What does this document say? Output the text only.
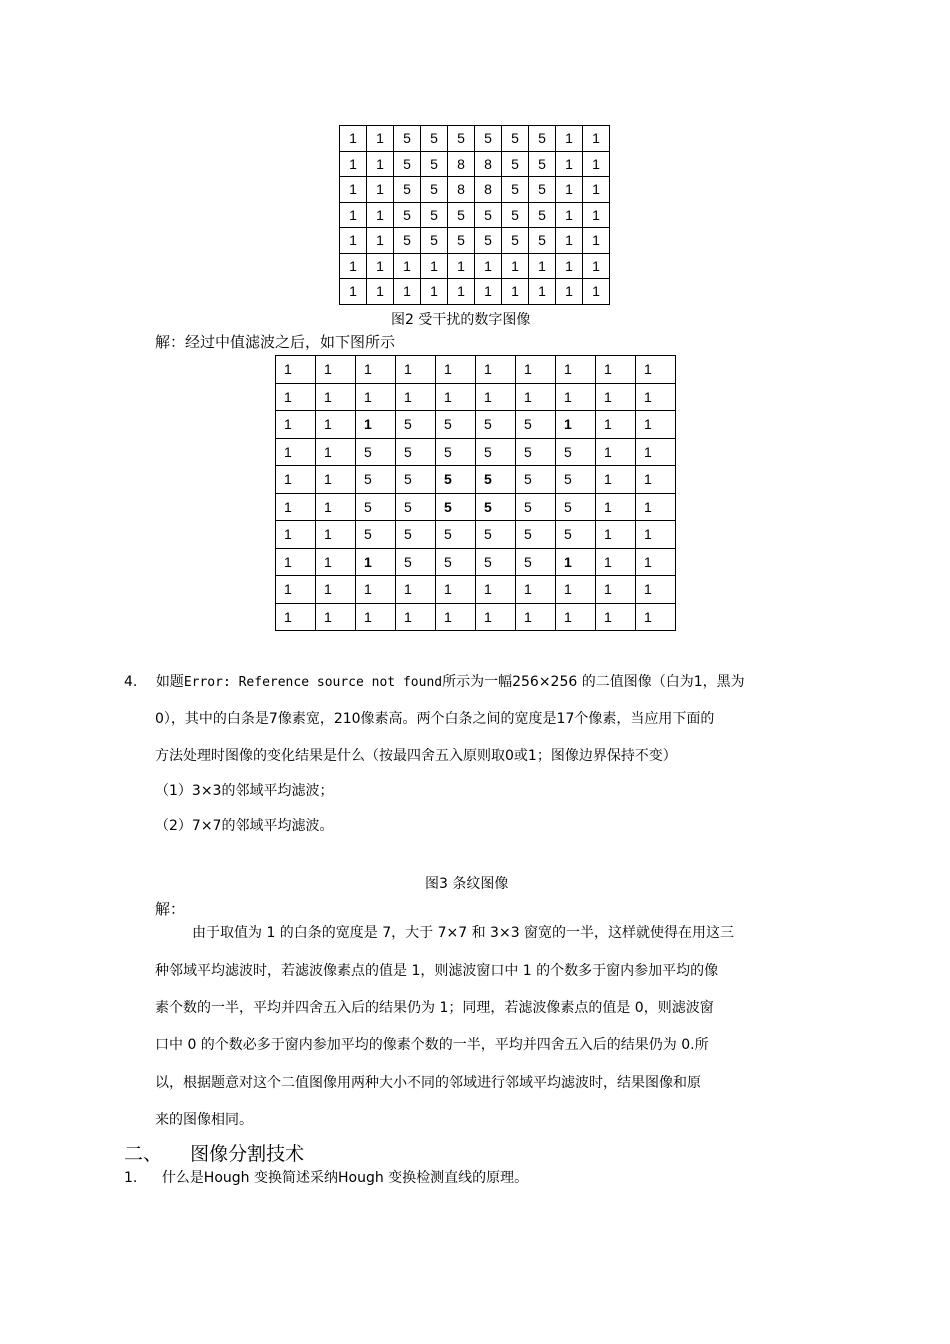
1	1	5	5	5	5	5	5	1	1
1	1	5	5	8	8	5	5	1	1
1	1	5	5	8	8	5	5	1	1
1	1	5	5	5	5	5	5	1	1
1	1	5	5	5	5	5	5	1	1
1	1	1	1	1	1	1	1	1	1
1	1	1	1	1	1	1	1	1	1
图2 受干扰的数字图像
解：经过中值滤波之后，如下图所示
1	1	1	1	1	1	1	1	1	1
1	1	1	1	1	1	1	1	1	1
1	1	1	5	5	5	5	1	1	1
1	1	5	5	5	5	5	5	1	1
1	1	5	5	5	5	5	5	1	1
1	1	5	5	5	5	5	5	1	1
1	1	5	5	5	5	5	5	1	1
1	1	1	5	5	5	5	1	1	1
1	1	1	1	1	1	1	1	1	1
1	1	1	1	1	1	1	1	1	1
4. 如题Error: Reference source not found所示为一幅256×256 的二值图像（白为1，黑为
0），其中的白条是7像素宽，210像素高。两个白条之间的宽度是17个像素，当应用下面的
方法处理时图像的变化结果是什么（按最四舍五入原则取0或1；图像边界保持不变）
（1）3×3的邻域平均滤波；
（2）7×7的邻域平均滤波。
图3 条纹图像
解：
由于取值为 1 的白条的宽度是 7，大于 7×7 和 3×3 窗宽的一半，这样就使得在用这三
种邻域平均滤波时，若滤波像素点的值是 1，则滤波窗口中 1 的个数多于窗内参加平均的像
素个数的一半，平均并四舍五入后的结果仍为 1；同理，若滤波像素点的值是 0，则滤波窗
口中 0 的个数必多于窗内参加平均的像素个数的一半，平均并四舍五入后的结果仍为 0.所
以，根据题意对这个二值图像用两种大小不同的邻域进行邻域平均滤波时，结果图像和原
来的图像相同。
二、 图像分割技术
1. 什么是Hough 变换简述采纳Hough 变换检测直线的原理。
